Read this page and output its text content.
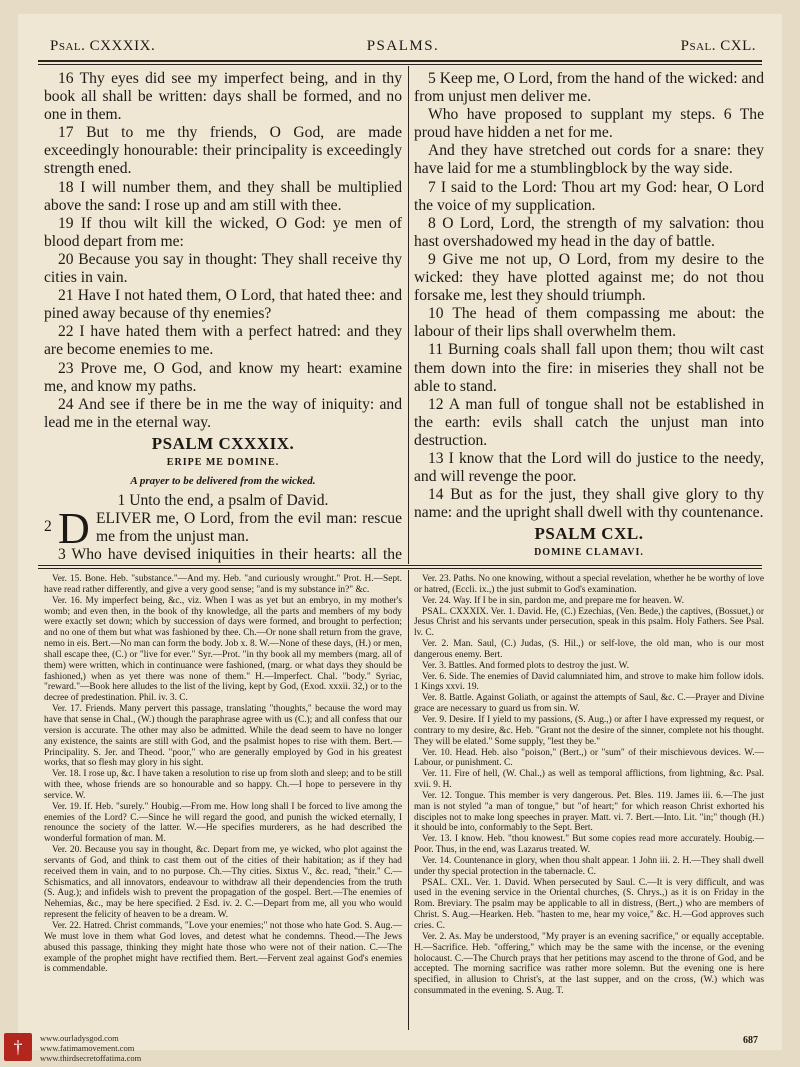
Psal. CXXXIX.	PSALMS.	Psal. CXL.

16 Thy eyes did see my imperfect being, and in thy book all shall be written: days shall be formed, and no one in them.

17 But to me thy friends, O God, are made exceedingly honourable: their principality is exceedingly strength ened.

18 I will number them, and they shall be multiplied above the sand: I rose up and am still with thee.

19 If thou wilt kill the wicked, O God: ye men of blood depart from me:

20 Because you say in thought: They shall receive thy cities in vain.

21 Have I not hated them, O Lord, that hated thee: and pined away because of thy enemies?

22 I have hated them with a perfect hatred: and they are become enemies to me.

23 Prove me, O God, and know my heart: examine me, and know my paths.

24 And see if there be in me the way of iniquity: and lead me in the eternal way.

PSALM CXXXIX.
ERIPE ME DOMINE.
A prayer to be delivered from the wicked.

1 Unto the end, a psalm of David.

2 D ELIVER me, O Lord, from the evil man: rescue me from the unjust man.

3 Who have devised iniquities in their hearts: all the

5 Keep me, O Lord, from the hand of the wicked: and from unjust men deliver me.

Who have proposed to supplant my steps. 6 The proud have hidden a net for me.

And they have stretched out cords for a snare: they have laid for me a stumblingblock by the way side.

7 I said to the Lord: Thou art my God: hear, O Lord the voice of my supplication.

8 O Lord, Lord, the strength of my salvation: thou hast overshadowed my head in the day of battle.

9 Give me not up, O Lord, from my desire to the wicked: they have plotted against me; do not thou forsake me, lest they should triumph.

10 The head of them compassing me about: the labour of their lips shall overwhelm them.

11 Burning coals shall fall upon them; thou wilt cast them down into the fire: in miseries they shall not be able to stand.

12 A man full of tongue shall not be established in the earth: evils shall catch the unjust man into destruction.

13 I know that the Lord will do justice to the needy, and will revenge the poor.

14 But as for the just, they shall give glory to thy name: and the upright shall dwell with thy countenance.

PSALM CXL.
DOMINE CLAMAVI.

Ver. 15. Bone. Heb. "substance."—And my. Heb. "and curiously wrought." Prot. H.—Sept. have read rather differently, and give a very good sense; "and is my substance in?" &c.

Ver. 16. My imperfect being, &c., viz. When I was as yet but an embryo, in my mother's womb; and even then, in the book of thy knowledge, all the parts and members of my body were exactly set down; which by succession of days were formed, and brought to perfection; and no one of them but what was fashioned by thee. Ch.—Or none shall return from the grave, nemo in eis. Bert.—No man can form the body. Job x. 8. W.—None of these days, (H.) or men, shall escape thee, (C.) or "live for ever." Syr.—Prot. "in thy book all my members (marg. all of them) were written, which in continuance were fashioned, (marg. or what days they should be fashioned,) when as yet there was none of them." H.—Imperfect. Chal. "body." Syriac, "reward."—Book here alludes to the list of the living, kept by God, (Exod. xxxii. 32,) or to the decree of predestination. Phil. iv. 3. C.

Ver. 17. Friends. Many pervert this passage, translating "thoughts," because the word may have that sense in Chal., (W.) though the paraphrase agree with us (C.); and all confess that our version is accurate. The other may also be admitted. While the dead seem to have no longer any existence, the saints are still with God, and the psalmist hopes to rise with them. Bert.—Principality. S. Jer. and Theod. "poor," who are generally employed by God in his greatest works, that so flesh may glory in his sight.

Ver. 18. I rose up, &c. I have taken a resolution to rise up from sloth and sleep; and to be still with thee, whose friends are so honourable and so happy. Ch.—I hope to persevere in thy service. W.

Ver. 19. If. Heb. "surely." Houbig.—From me. How long shall I be forced to live among the enemies of the Lord? C.—Since he will regard the good, and punish the wicked eternally, I renounce the society of the latter. W.—He specifies murderers, as he had described the wonderful formation of man. M.

Ver. 20. Because you say in thought, &c. Depart from me, ye wicked, who plot against the servants of God, and think to cast them out of the cities of their habitation; as if they had received them in vain, and to no purpose. Ch.—Thy cities. Sixtus V., &c. read, "their." C.—Schismatics, and all innovators, endeavour to withdraw all their dependencies from the truth (S. Aug.); and infidels wish to prevent the propagation of the gospel. Bert.—The enemies of Nehemias, &c., may be here specified. 2 Esd. iv. 2. C.—Depart from me, all you who would represent the felicity of heaven to be a dream. W.

Ver. 22. Hatred. Christ commands, "Love your enemies;" not those who hate God. S. Aug.—We must love in them what God loves, and detest what he condemns. Theod.—The Jews abused this passage, thinking they might hate those who were not of their nation. C.—The example of the prophet might have rectified them. Bert.—Fervent zeal against God's enemies is commendable.

Ver. 23. Paths. No one knowing, without a special revelation, whether he be worthy of love or hatred, (Eccli. ix.,) the just submit to God's examination.

Ver. 24. Way. If I be in sin, pardon me, and prepare me for heaven. W.

PSAL. CXXXIX. Ver. 1. David. He, (C.) Ezechias, (Ven. Bede,) the captives, (Bossuet,) or Jesus Christ and his servants under persecution, speak in this psalm. Holy Fathers. See Psal. lv. C.

Ver. 2. Man. Saul, (C.) Judas, (S. Hil.,) or self-love, the old man, who is our most dangerous enemy. Bert.

Ver. 3. Battles. And formed plots to destroy the just. W.

Ver. 6. Side. The enemies of David calumniated him, and strove to make him follow idols. 1 Kings xxvi. 19.

Ver. 8. Battle. Against Goliath, or against the attempts of Saul, &c. C.—Prayer and Divine grace are necessary to guard us from sin. W.

Ver. 9. Desire. If I yield to my passions, (S. Aug.,) or after I have expressed my request, or contrary to my desire, &c. Heb. "Grant not the desire of the sinner, complete not his thought. They will be elated." Some supply, "lest they be."

Ver. 10. Head. Heb. also "poison," (Bert.,) or "sum" of their mischievous devices. W.—Labour, or punishment. C.

Ver. 11. Fire of hell, (W. Chal.,) as well as temporal afflictions, from lightning, &c. Psal. xvii. 9. H.

Ver. 12. Tongue. This member is very dangerous. Pet. Bles. 119. James iii. 6.—The just man is not styled "a man of tongue," but "of heart;" for which reason Christ exhorted his disciples not to make long speeches in prayer. Matt. vi. 7. Bert.—Into. Lit. "in;" though (H.) it should be into, conformably to the Sept. Bert.

Ver. 13. I know. Heb. "thou knowest." But some copies read more accurately. Houbig.—Poor. Thus, in the end, was Lazarus treated. W.

Ver. 14. Countenance in glory, when thou shalt appear. 1 John iii. 2. H.—They shall dwell under thy special protection in the tabernacle. C.

PSAL. CXL. Ver. 1. David. When persecuted by Saul. C.—It is very difficult, and was used in the evening service in the Oriental churches, (S. Chrys.,) as it is on Friday in the Rom. Breviary. The psalm may be applicable to all in distress, (Bert.,) who are members of Christ. S. Aug.—Hearken. Heb. "hasten to me, hear my voice," &c. H.—God approves such cries. C.

Ver. 2. As. May be understood, "My prayer is an evening sacrifice," or equally acceptable. H.—Sacrifice. Heb. "offering," which may be the same with the incense, or the evening holocaust. C.—The Church prays that her petitions may ascend to the throne of God, and be accepted. The morning sacrifice was rather more solemn. But the evening one is here specified, in allusion to Christ's, at the last supper, and on the cross, (W.) which was consummated in the evening. S. Aug. T.

687
†	www.ourladysgod.com
www.fatimamovement.com
www.thirdsecretoffatima.com
